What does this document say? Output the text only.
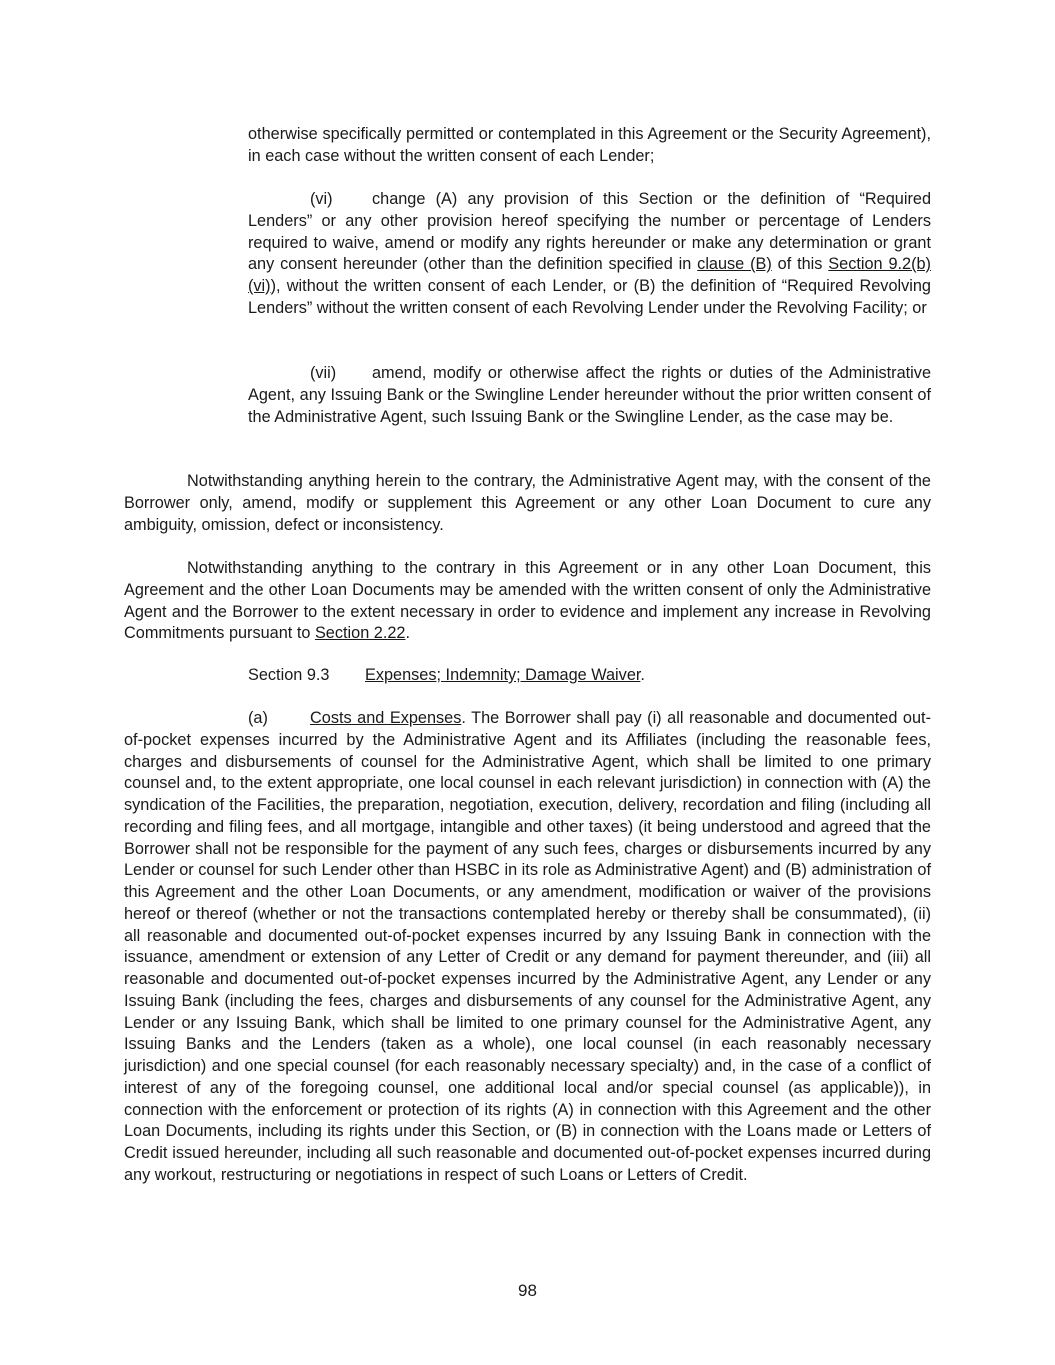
otherwise specifically permitted or contemplated in this Agreement or the Security Agreement), in each case without the written consent of each Lender;

(vi) change (A) any provision of this Section or the definition of “Required Lenders” or any other provision hereof specifying the number or percentage of Lenders required to waive, amend or modify any rights hereunder or make any determination or grant any consent hereunder (other than the definition specified in clause (B) of this Section 9.2(b)(vi)), without the written consent of each Lender, or (B) the definition of “Required Revolving Lenders” without the written consent of each Revolving Lender under the Revolving Facility; or

(vii) amend, modify or otherwise affect the rights or duties of the Administrative Agent, any Issuing Bank or the Swingline Lender hereunder without the prior written consent of the Administrative Agent, such Issuing Bank or the Swingline Lender, as the case may be.

Notwithstanding anything herein to the contrary, the Administrative Agent may, with the consent of the Borrower only, amend, modify or supplement this Agreement or any other Loan Document to cure any ambiguity, omission, defect or inconsistency.

Notwithstanding anything to the contrary in this Agreement or in any other Loan Document, this Agreement and the other Loan Documents may be amended with the written consent of only the Administrative Agent and the Borrower to the extent necessary in order to evidence and implement any increase in Revolving Commitments pursuant to Section 2.22.

Section 9.3 Expenses; Indemnity; Damage Waiver.

(a)	Costs and Expenses. The Borrower shall pay (i) all reasonable and documented out-of-pocket expenses incurred by the Administrative Agent and its Affiliates (including the reasonable fees, charges and disbursements of counsel for the Administrative Agent, which shall be limited to one primary counsel and, to the extent appropriate, one local counsel in each relevant jurisdiction) in connection with (A) the syndication of the Facilities, the preparation, negotiation, execution, delivery, recordation and filing (including all recording and filing fees, and all mortgage, intangible and other taxes) (it being understood and agreed that the Borrower shall not be responsible for the payment of any such fees, charges or disbursements incurred by any Lender or counsel for such Lender other than HSBC in its role as Administrative Agent) and (B) administration of this Agreement and the other Loan Documents, or any amendment, modification or waiver of the provisions hereof or thereof (whether or not the transactions contemplated hereby or thereby shall be consummated), (ii) all reasonable and documented out-of-pocket expenses incurred by any Issuing Bank in connection with the issuance, amendment or extension of any Letter of Credit or any demand for payment thereunder, and (iii) all reasonable and documented out-of-pocket expenses incurred by the Administrative Agent, any Lender or any Issuing Bank (including the fees, charges and disbursements of any counsel for the Administrative Agent, any Lender or any Issuing Bank, which shall be limited to one primary counsel for the Administrative Agent, any Issuing Banks and the Lenders (taken as a whole), one local counsel (in each reasonably necessary jurisdiction) and one special counsel (for each reasonably necessary specialty) and, in the case of a conflict of interest of any of the foregoing counsel, one additional local and/or special counsel (as applicable)), in connection with the enforcement or protection of its rights (A) in connection with this Agreement and the other Loan Documents, including its rights under this Section, or (B) in connection with the Loans made or Letters of Credit issued hereunder, including all such reasonable and documented out-of-pocket expenses incurred during any workout, restructuring or negotiations in respect of such Loans or Letters of Credit.

98
